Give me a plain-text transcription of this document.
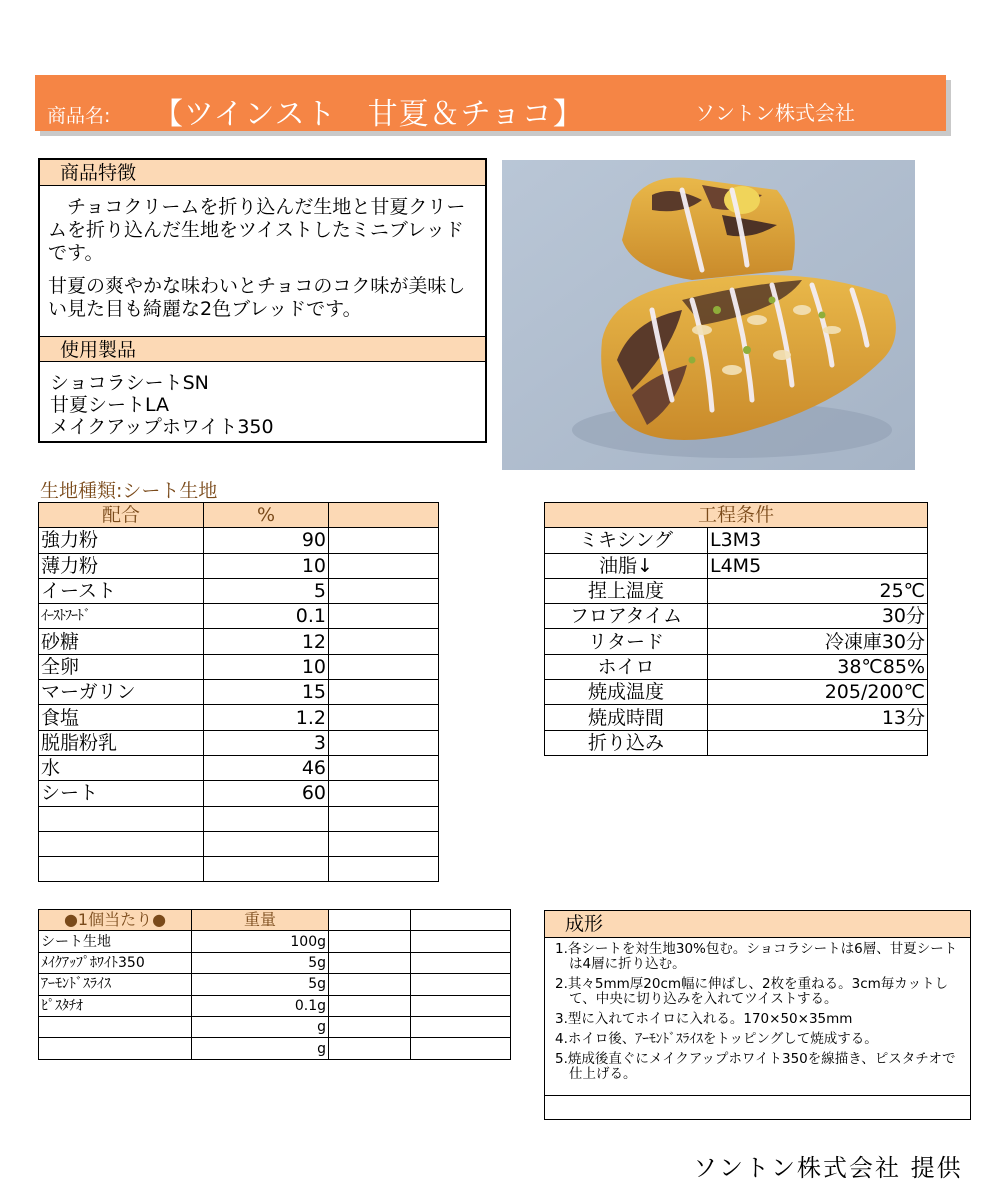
商品名: 【ツインスト　甘夏＆チョコ】	ソントン株式会社
商品特徴

　チョコクリームを折り込んだ生地と甘夏クリームを折り込んだ生地をツイストしたミニブレッドです。

甘夏の爽やかな味わいとチョコのコク味が美味しい見た目も綺麗な2色ブレッドです。

使用製品
ショコラシートSN
甘夏シートLA
メイクアップホワイト350
生地種類:シート生地
配合	%	
強力粉	90	
薄力粉	10	
イースト	5	
ｲｰｽﾄﾌｰﾄﾞ	0.1	
砂糖	12	
全卵	10	
マーガリン	15	
食塩	1.2	
脱脂粉乳	3	
水	46	
シート	60	

工程条件	
ミキシング	L3M3
油脂↓	L4M5
捏上温度	25℃
フロアタイム	30分
リタード	冷凍庫30分
ホイロ	38℃85%
焼成温度	205/200℃
焼成時間	13分
折り込み	
●1個当たり●	重量		
シート生地	100g		
ﾒｲｸｱｯﾌﾟﾎﾜｲﾄ350	5g		
ｱｰﾓﾝﾄﾞｽﾗｲｽ	5g		
ﾋﾟｽﾀﾁｵ	0.1g		
	g		
	g		
成形
1.各シートを対生地30%包む。ショコラシートは6層、甘夏シートは4層に折り込む。
2.其々5mm厚20cm幅に伸ばし、2枚を重ねる。3cm毎カットして、中央に切り込みを入れてツイストする。
3.型に入れてホイロに入れる。170×50×35mm
4.ホイロ後、ｱｰﾓﾝﾄﾞｽﾗｲｽをトッピングして焼成する。
5.焼成後直ぐにメイクアップホワイト350を線描き、ピスタチオで仕上げる。
ソントン株式会社 提供
